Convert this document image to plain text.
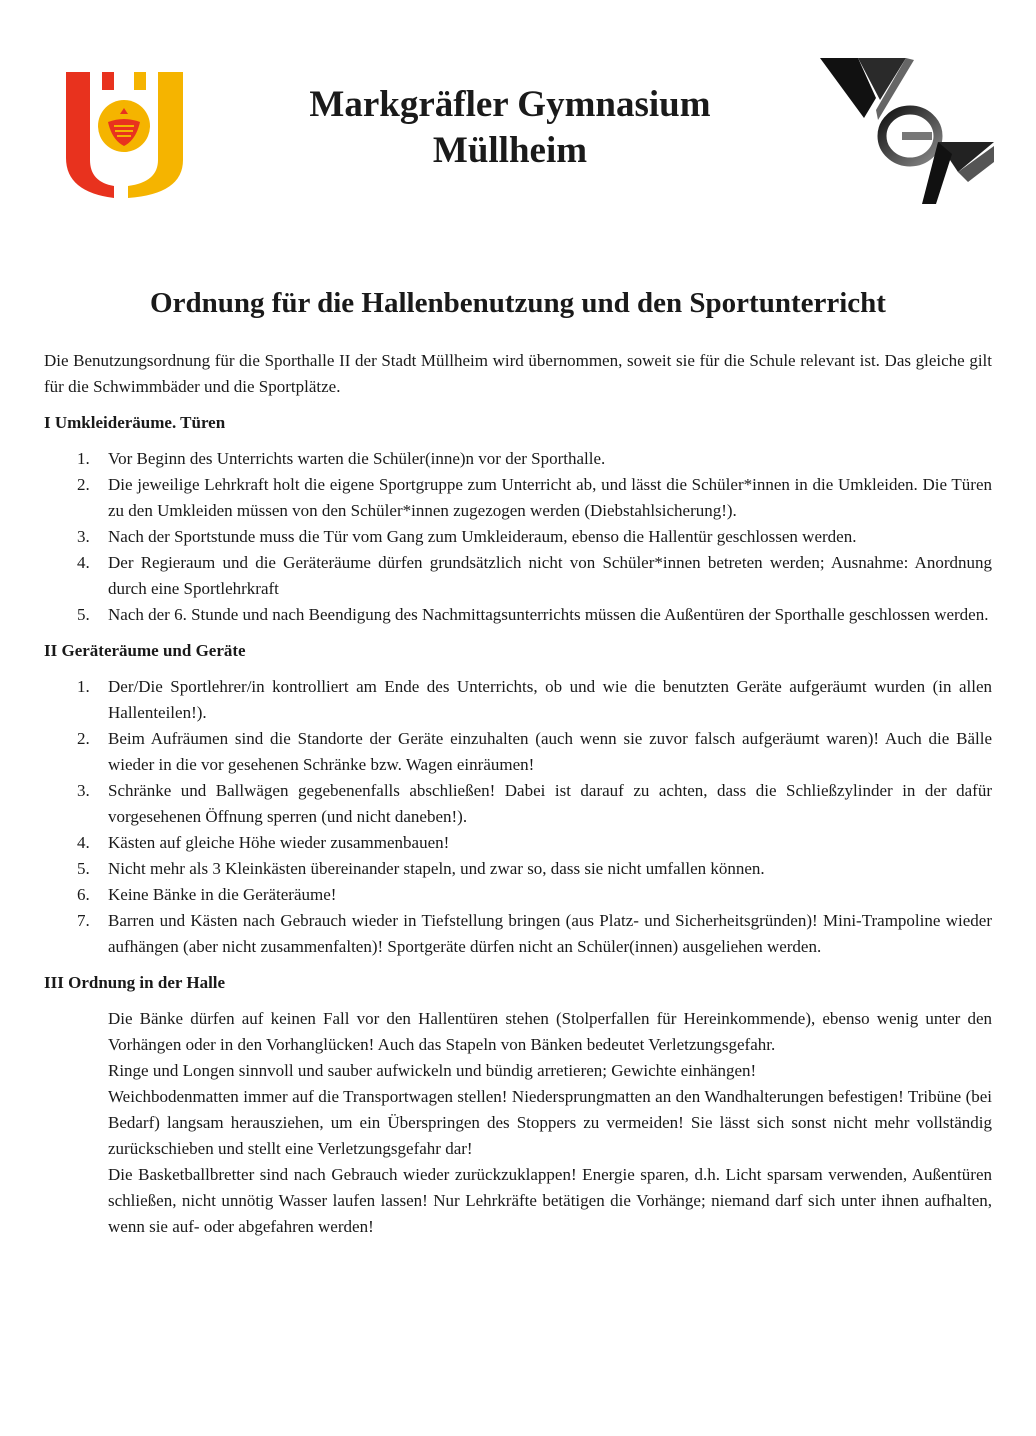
Markgräfler Gymnasium
Müllheim
Ordnung für die Hallenbenutzung und den Sportunterricht

Die Benutzungsordnung für die Sporthalle II der Stadt Müllheim wird übernommen, soweit sie für die Schule relevant ist. Das gleiche gilt für die Schwimmbäder und die Sportplätze.

I Umkleideräume. Türen
1. Vor Beginn des Unterrichts warten die Schüler(inne)n vor der Sporthalle.
2. Die jeweilige Lehrkraft holt die eigene Sportgruppe zum Unterricht ab, und lässt die Schüler*innen in die Umkleiden. Die Türen zu den Umkleiden müssen von den Schüler*innen zugezogen werden (Diebstahlsicherung!).
3. Nach der Sportstunde muss die Tür vom Gang zum Umkleideraum, ebenso die Hallentür geschlossen werden.
4. Der Regieraum und die Geräteräume dürfen grundsätzlich nicht von Schüler*innen betreten werden; Ausnahme: Anordnung durch eine Sportlehrkraft
5. Nach der 6. Stunde und nach Beendigung des Nachmittagsunterrichts müssen die Außentüren der Sporthalle geschlossen werden.
II Geräteräume und Geräte
1. Der/Die Sportlehrer/in kontrolliert am Ende des Unterrichts, ob und wie die benutzten Geräte aufgeräumt wurden (in allen Hallenteilen!).
2. Beim Aufräumen sind die Standorte der Geräte einzuhalten (auch wenn sie zuvor falsch aufgeräumt waren)! Auch die Bälle wieder in die vor gesehenen Schränke bzw. Wagen einräumen!
3. Schränke und Ballwägen gegebenenfalls abschließen! Dabei ist darauf zu achten, dass die Schließzylinder in der dafür vorgesehenen Öffnung sperren (und nicht daneben!).
4. Kästen auf gleiche Höhe wieder zusammenbauen!
5. Nicht mehr als 3 Kleinkästen übereinander stapeln, und zwar so, dass sie nicht umfallen können.
6. Keine Bänke in die Geräteräume!
7. Barren und Kästen nach Gebrauch wieder in Tiefstellung bringen (aus Platz- und Sicherheitsgründen)! Mini-Trampoline wieder aufhängen (aber nicht zusammenfalten)! Sportgeräte dürfen nicht an Schüler(innen) ausgeliehen werden.
III Ordnung in der Halle

Die Bänke dürfen auf keinen Fall vor den Hallentüren stehen (Stolperfallen für Hereinkommende), ebenso wenig unter den Vorhängen oder in den Vorhanglücken! Auch das Stapeln von Bänken bedeutet Verletzungsgefahr.

Ringe und Longen sinnvoll und sauber aufwickeln und bündig arretieren; Gewichte einhängen!

Weichbodenmatten immer auf die Transportwagen stellen! Niedersprungmatten an den Wandhalterungen befestigen! Tribüne (bei Bedarf) langsam herausziehen, um ein Überspringen des Stoppers zu vermeiden! Sie lässt sich sonst nicht mehr vollständig zurückschieben und stellt eine Verletzungsgefahr dar!

Die Basketballbretter sind nach Gebrauch wieder zurückzuklappen! Energie sparen, d.h. Licht sparsam verwenden, Außentüren schließen, nicht unnötig Wasser laufen lassen! Nur Lehrkräfte betätigen die Vorhänge; niemand darf sich unter ihnen aufhalten, wenn sie auf- oder abgefahren werden!
